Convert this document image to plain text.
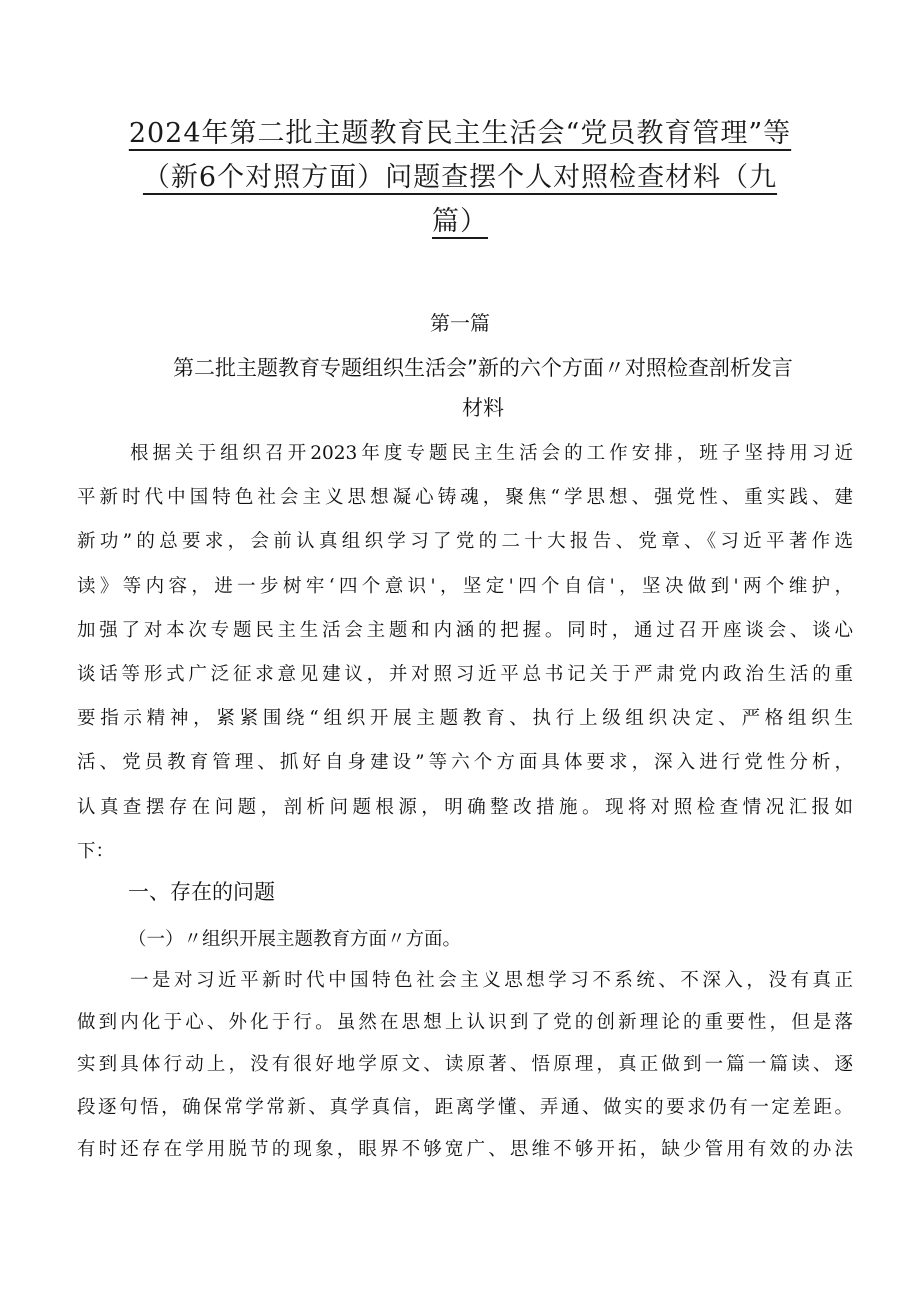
2024年第二批主题教育民主生活会“党员教育管理”等
（新6个对照方面）问题查摆个人对照检查材料（九
篇）
第一篇
第二批主题教育专题组织生活会”新的六个方面〃对照检查剖析发言
材料
根据关于组织召开2023年度专题民主生活会的工作安排，班子坚持用习近
平新时代中国特色社会主义思想凝心铸魂，聚焦“学思想、强党性、重实践、建
新功”的总要求，会前认真组织学习了党的二十大报告、党章、《习近平著作选
读》等内容，进一步树牢‘四个意识'，坚定'四个自信'，坚决做到'两个维护，
加强了对本次专题民主生活会主题和内涵的把握。同时，通过召开座谈会、谈心
谈话等形式广泛征求意见建议，并对照习近平总书记关于严肃党内政治生活的重
要指示精神，紧紧围绕“组织开展主题教育、执行上级组织决定、严格组织生
活、党员教育管理、抓好自身建设”等六个方面具体要求，深入进行党性分析，
认真查摆存在问题，剖析问题根源，明确整改措施。现将对照检查情况汇报如
下：
一、存在的问题
（一）〃组织开展主题教育方面〃方面。
一是对习近平新时代中国特色社会主义思想学习不系统、不深入，没有真正
做到内化于心、外化于行。虽然在思想上认识到了党的创新理论的重要性，但是落
实到具体行动上，没有很好地学原文、读原著、悟原理，真正做到一篇一篇读、逐
段逐句悟，确保常学常新、真学真信，距离学懂、弄通、做实的要求仍有一定差距。
有时还存在学用脱节的现象，眼界不够宽广、思维不够开拓，缺少管用有效的办法
